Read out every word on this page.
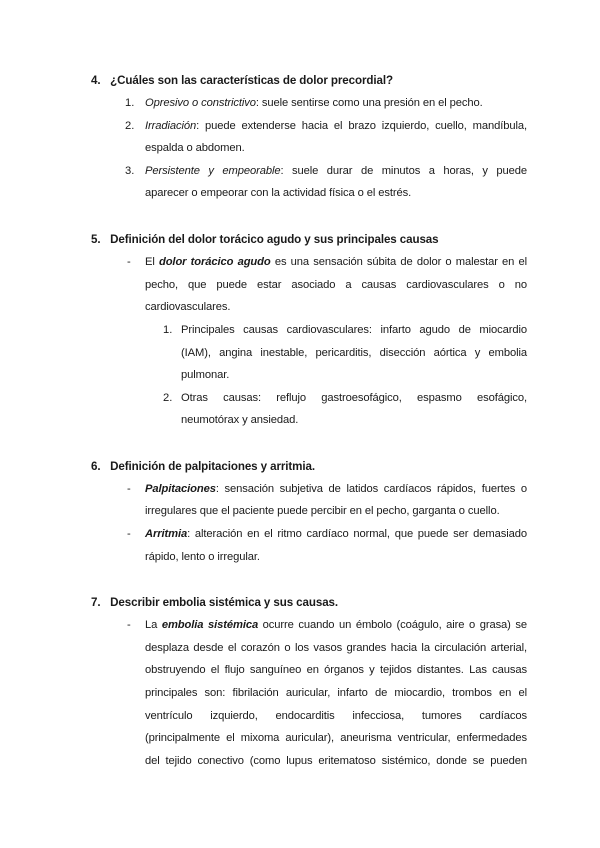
4. ¿Cuáles son las características de dolor precordial?
1. Opresivo o constrictivo: suele sentirse como una presión en el pecho.
2. Irradiación: puede extenderse hacia el brazo izquierdo, cuello, mandíbula,
espalda o abdomen.
3. Persistente y empeorable: suele durar de minutos a horas, y puede
aparecer o empeorar con la actividad física o el estrés.
5. Definición del dolor torácico agudo y sus principales causas
- El dolor torácico agudo es una sensación súbita de dolor o malestar en el
pecho, que puede estar asociado a causas cardiovasculares o no
cardiovasculares.
1. Principales causas cardiovasculares: infarto agudo de miocardio
(IAM), angina inestable, pericarditis, disección aórtica y embolia
pulmonar.
2. Otras causas: reflujo gastroesofágico, espasmo esofágico,
neumotórax y ansiedad.
6. Definición de palpitaciones y arritmia.
- Palpitaciones: sensación subjetiva de latidos cardíacos rápidos, fuertes o
irregulares que el paciente puede percibir en el pecho, garganta o cuello.
- Arritmia: alteración en el ritmo cardíaco normal, que puede ser demasiado
rápido, lento o irregular.
7. Describir embolia sistémica y sus causas.
- La embolia sistémica ocurre cuando un émbolo (coágulo, aire o grasa) se
desplaza desde el corazón o los vasos grandes hacia la circulación arterial,
obstruyendo el flujo sanguíneo en órganos y tejidos distantes. Las causas
principales son: fibrilación auricular, infarto de miocardio, trombos en el
ventrículo izquierdo, endocarditis infecciosa, tumores cardíacos
(principalmente el mixoma auricular), aneurisma ventricular, enfermedades
del tejido conectivo (como lupus eritematoso sistémico, donde se pueden
